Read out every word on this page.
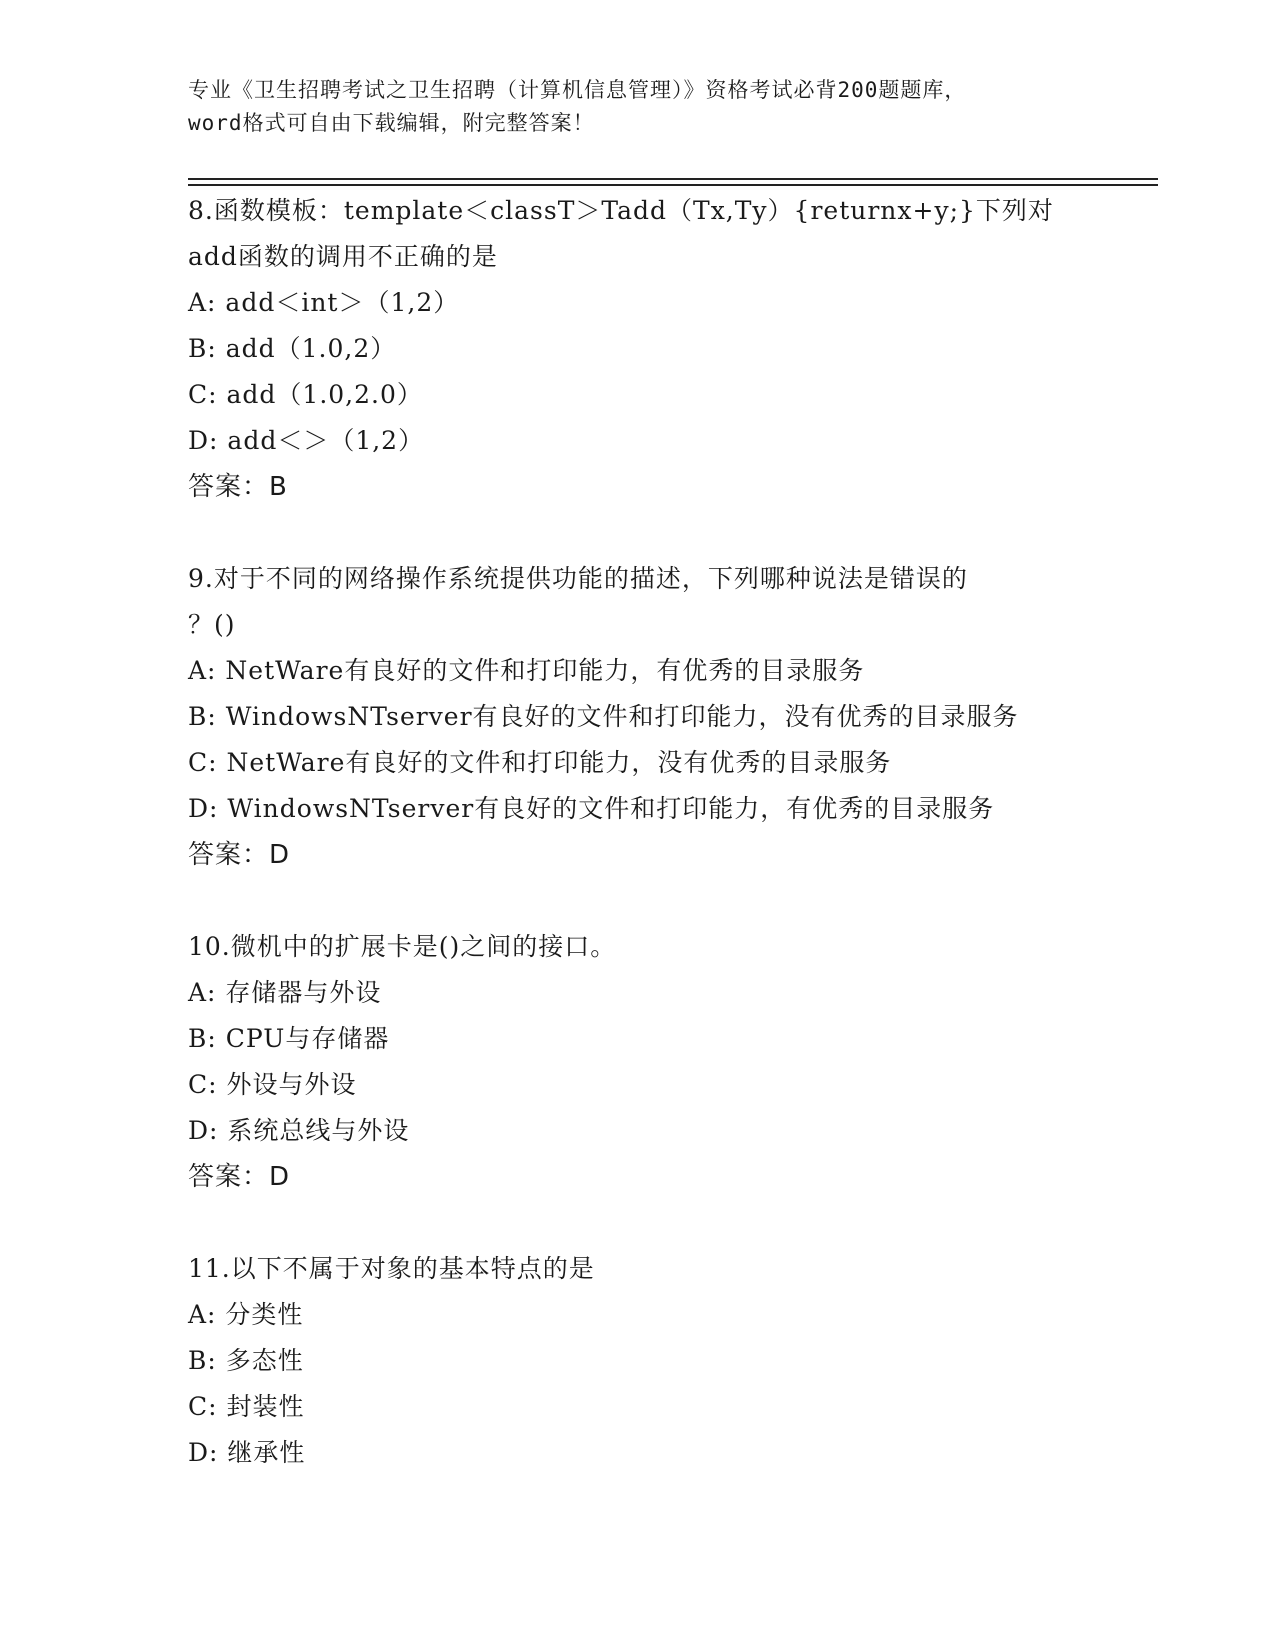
专业《卫生招聘考试之卫生招聘（计算机信息管理）》资格考试必背200题题库，
word格式可自由下载编辑，附完整答案！
8.函数模板：template＜classT＞Tadd（Tx,Ty）{returnx+y;}下列对
add函数的调用不正确的是
A: add＜int＞（1,2）
B: add（1.0,2）
C: add（1.0,2.0）
D: add＜＞（1,2）
答案：B
9.对于不同的网络操作系统提供功能的描述，下列哪种说法是错误的
？()
A: NetWare有良好的文件和打印能力，有优秀的目录服务
B: WindowsNTserver有良好的文件和打印能力，没有优秀的目录服务
C: NetWare有良好的文件和打印能力，没有优秀的目录服务
D: WindowsNTserver有良好的文件和打印能力，有优秀的目录服务
答案：D
10.微机中的扩展卡是()之间的接口。
A: 存储器与外设
B: CPU与存储器
C: 外设与外设
D: 系统总线与外设
答案：D
11.以下不属于对象的基本特点的是
A: 分类性
B: 多态性
C: 封装性
D: 继承性
